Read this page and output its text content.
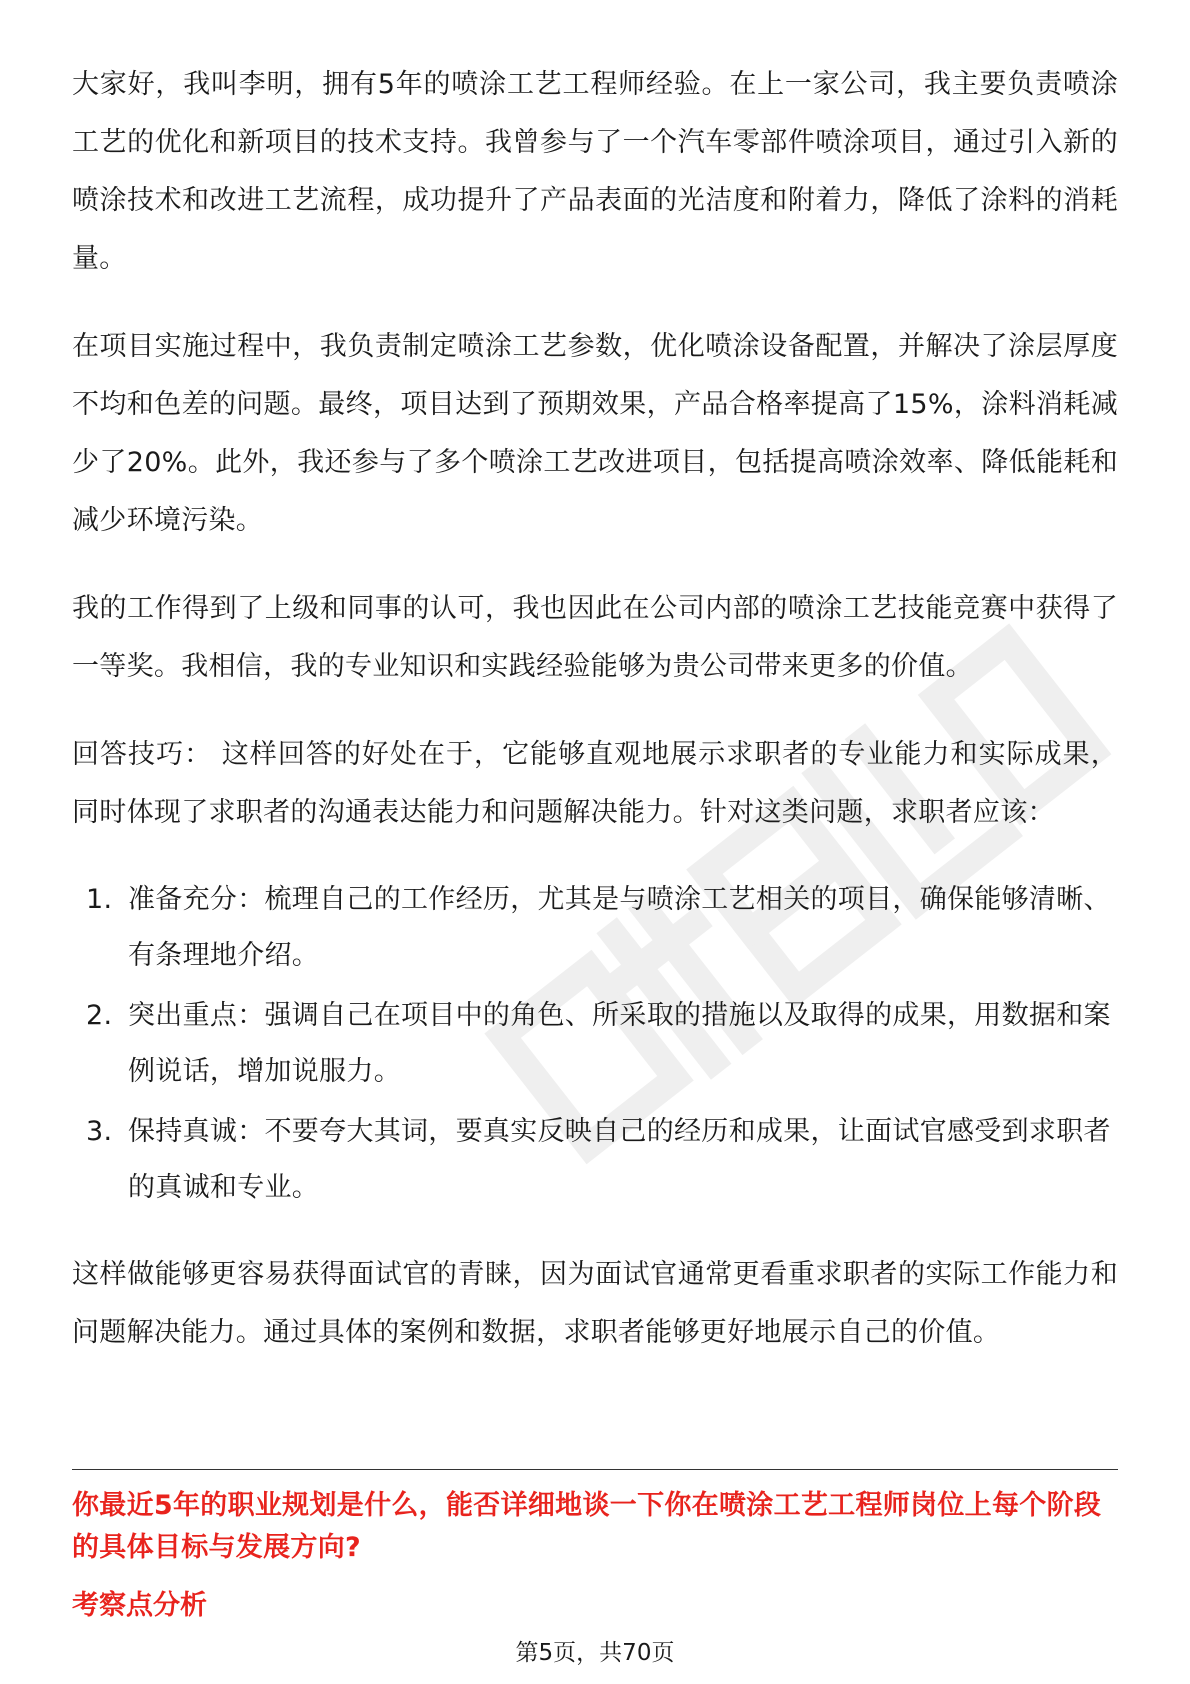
大家好，我叫李明，拥有5年的喷涂工艺工程师经验。在上一家公司，我主要负责喷涂工艺的优化和新项目的技术支持。我曾参与了一个汽车零部件喷涂项目，通过引入新的喷涂技术和改进工艺流程，成功提升了产品表面的光洁度和附着力，降低了涂料的消耗量。

在项目实施过程中，我负责制定喷涂工艺参数，优化喷涂设备配置，并解决了涂层厚度不均和色差的问题。最终，项目达到了预期效果，产品合格率提高了15%，涂料消耗减少了20%。此外，我还参与了多个喷涂工艺改进项目，包括提高喷涂效率、降低能耗和减少环境污染。

我的工作得到了上级和同事的认可，我也因此在公司内部的喷涂工艺技能竞赛中获得了一等奖。我相信，我的专业知识和实践经验能够为贵公司带来更多的价值。

回答技巧： 这样回答的好处在于，它能够直观地展示求职者的专业能力和实际成果，同时体现了求职者的沟通表达能力和问题解决能力。针对这类问题，求职者应该：

1. 准备充分：梳理自己的工作经历，尤其是与喷涂工艺相关的项目，确保能够清晰、有条理地介绍。
2. 突出重点：强调自己在项目中的角色、所采取的措施以及取得的成果，用数据和案例说话，增加说服力。
3. 保持真诚：不要夸大其词，要真实反映自己的经历和成果，让面试官感受到求职者的真诚和专业。

这样做能够更容易获得面试官的青睐，因为面试官通常更看重求职者的实际工作能力和问题解决能力。通过具体的案例和数据，求职者能够更好地展示自己的价值。

你最近5年的职业规划是什么，能否详细地谈一下你在喷涂工艺工程师岗位上每个阶段的具体目标与发展方向?
考察点分析
第5页，共70页
